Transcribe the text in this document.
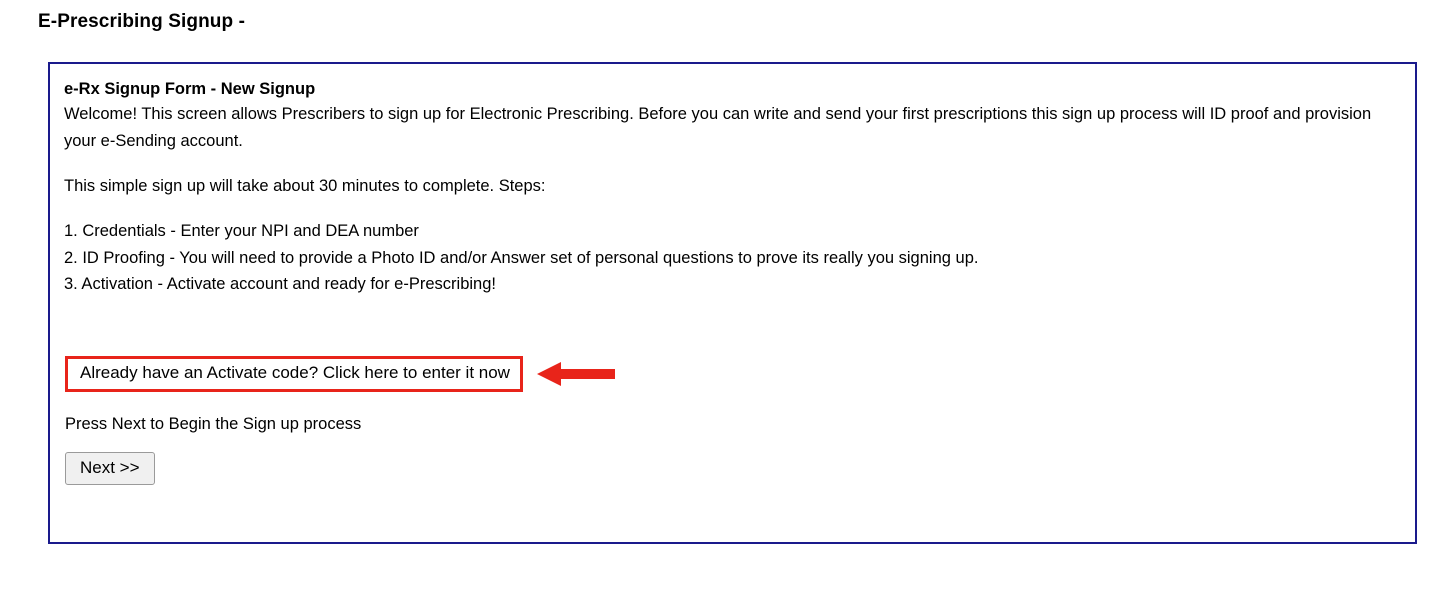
E-Prescribing Signup -
e-Rx Signup Form - New Signup

Welcome! This screen allows Prescribers to sign up for Electronic Prescribing. Before you can write and send your first prescriptions this sign up process will ID proof and provision your e-Sending account.

This simple sign up will take about 30 minutes to complete. Steps:

1. Credentials - Enter your NPI and DEA number
2. ID Proofing - You will need to provide a Photo ID and/or Answer set of personal questions to prove its really you signing up.
3. Activation - Activate account and ready for e-Prescribing!
Already have an Activate code? Click here to enter it now

Press Next to Begin the Sign up process

Next >>
